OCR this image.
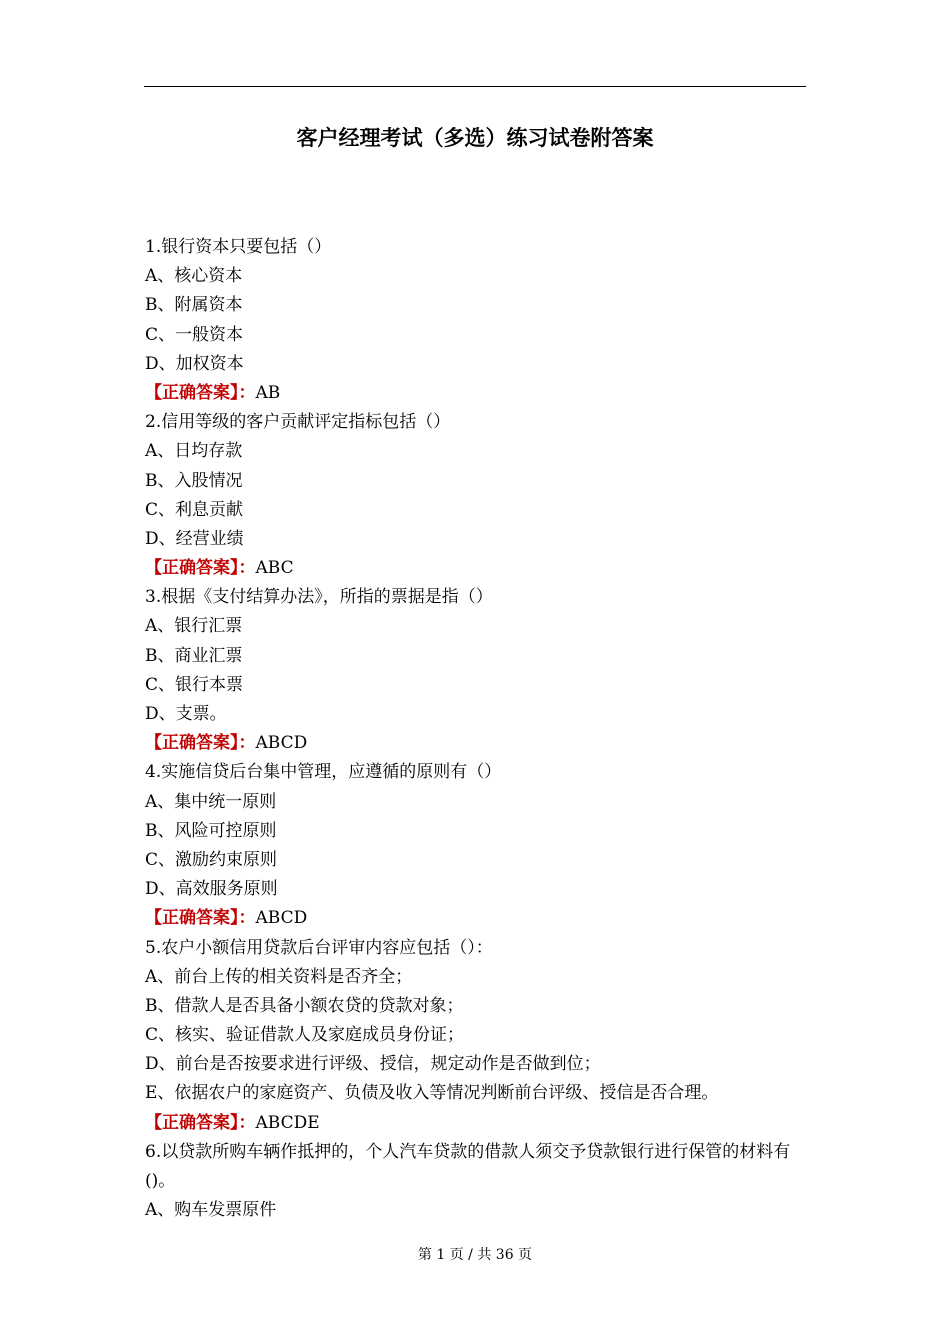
客户经理考试（多选）练习试卷附答案
1.银行资本只要包括（）
A、核心资本
B、附属资本
C、一般资本
D、加权资本
【正确答案】：AB
2.信用等级的客户贡献评定指标包括（）
A、日均存款
B、入股情况
C、利息贡献
D、经营业绩
【正确答案】：ABC
3.根据《支付结算办法》，所指的票据是指（）
A、银行汇票
B、商业汇票
C、银行本票
D、支票。
【正确答案】：ABCD
4.实施信贷后台集中管理，应遵循的原则有（）
A、集中统一原则
B、风险可控原则
C、激励约束原则
D、高效服务原则
【正确答案】：ABCD
5.农户小额信用贷款后台评审内容应包括（）：
A、前台上传的相关资料是否齐全；
B、借款人是否具备小额农贷的贷款对象；
C、核实、验证借款人及家庭成员身份证；
D、前台是否按要求进行评级、授信，规定动作是否做到位；
E、依据农户的家庭资产、负债及收入等情况判断前台评级、授信是否合理。
【正确答案】：ABCDE
6.以贷款所购车辆作抵押的，个人汽车贷款的借款人须交予贷款银行进行保管的材料有()。
A、购车发票原件
第 1 页 / 共 36 页
